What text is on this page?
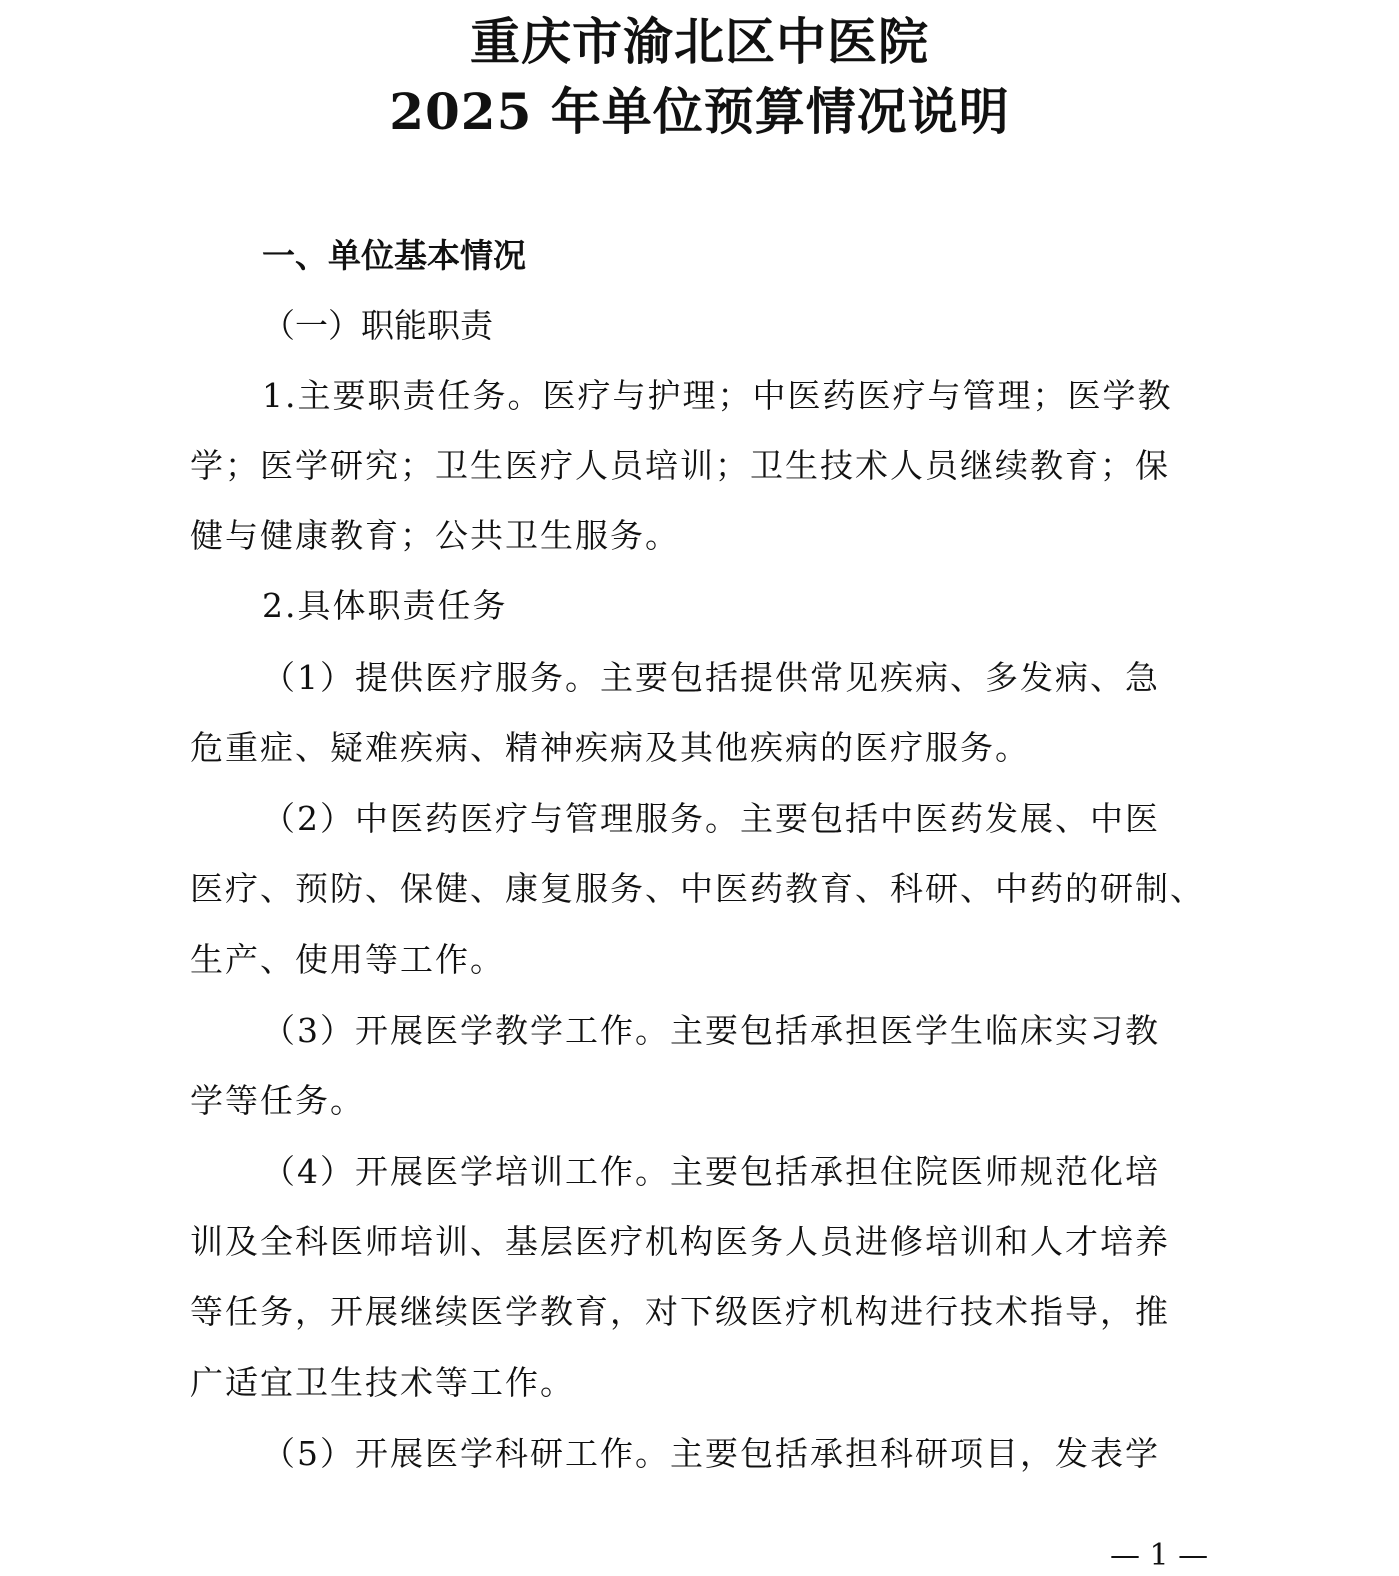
重庆市渝北区中医院
2025 年单位预算情况说明
一、单位基本情况
（一）职能职责
1.主要职责任务。医疗与护理；中医药医疗与管理；医学教
学；医学研究；卫生医疗人员培训；卫生技术人员继续教育；保
健与健康教育；公共卫生服务。
2.具体职责任务
（1）提供医疗服务。主要包括提供常见疾病、多发病、急
危重症、疑难疾病、精神疾病及其他疾病的医疗服务。
（2）中医药医疗与管理服务。主要包括中医药发展、中医
医疗、预防、保健、康复服务、中医药教育、科研、中药的研制、
生产、使用等工作。
（3）开展医学教学工作。主要包括承担医学生临床实习教
学等任务。
（4）开展医学培训工作。主要包括承担住院医师规范化培
训及全科医师培训、基层医疗机构医务人员进修培训和人才培养
等任务，开展继续医学教育，对下级医疗机构进行技术指导，推
广适宜卫生技术等工作。
（5）开展医学科研工作。主要包括承担科研项目，发表学
— 1 —
